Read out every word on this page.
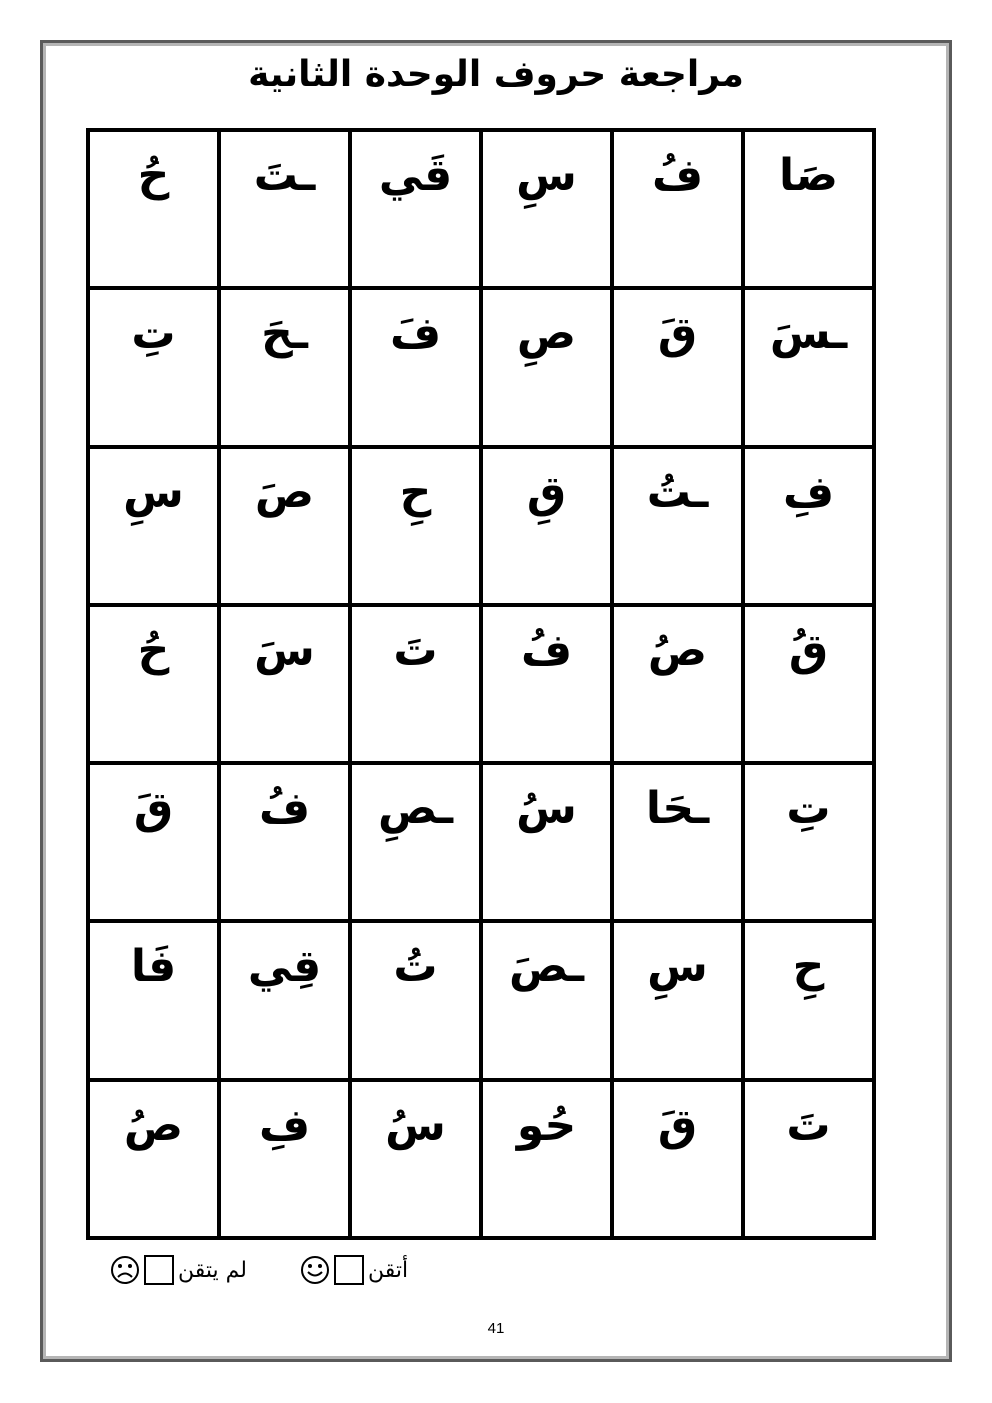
مراجعة حروف الوحدة الثانية
صَا
فُ
سِ
قَي
ـتَ
حُ
ـسَ
قَ
صِ
فَ
ـحَ
تِ
فِ
ـتُ
قِ
حِ
صَ
سِ
قُ
صُ
فُ
تَ
سَ
حُ
تِ
ـحَا
سُ
ـصِ
فُ
قَ
حِ
سِ
ـصَ
تُ
قِي
فَا
تَ
قَ
حُو
سُ
فِ
صُ
أتقن
لم يتقن
41
